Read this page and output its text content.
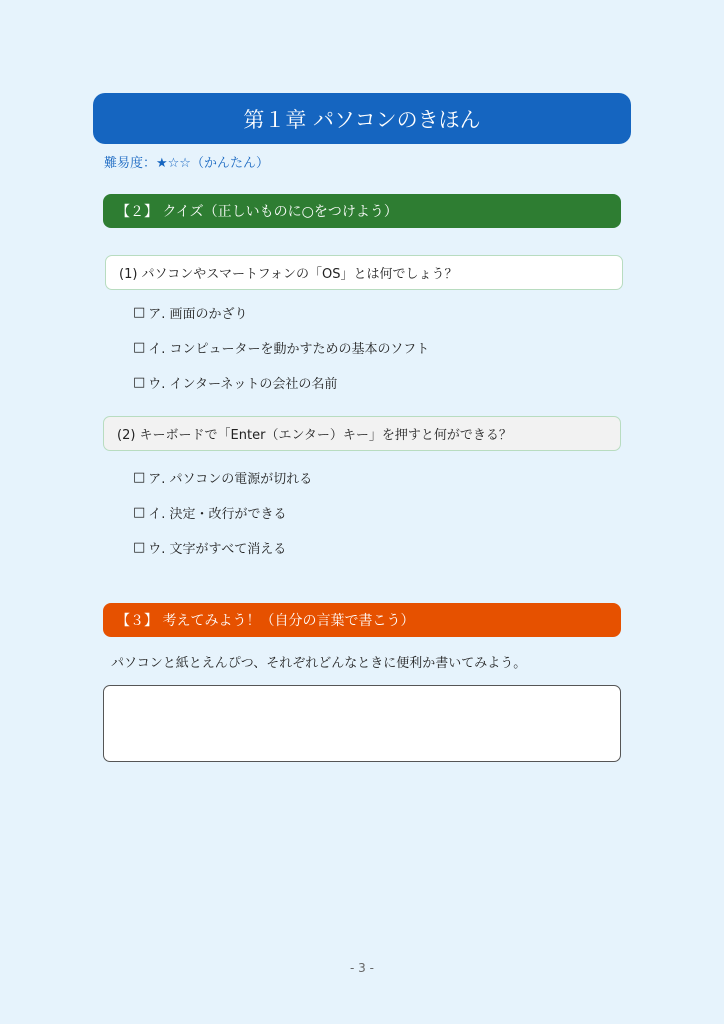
第１章 パソコンのきほん
難易度：★☆☆（かんたん）
【２】 クイズ（正しいものに○をつけよう）
(1) パソコンやスマートフォンの「OS」とは何でしょう？
□ ア. 画面のかざり
□ イ. コンピューターを動かすための基本のソフト
□ ウ. インターネットの会社の名前
(2) キーボードで「Enter（エンター）キー」を押すと何ができる？
□ ア. パソコンの電源が切れる
□ イ. 決定・改行ができる
□ ウ. 文字がすべて消える
【３】 考えてみよう！（自分の言葉で書こう）
パソコンと紙とえんぴつ、それぞれどんなときに便利か書いてみよう。
- 3 -
